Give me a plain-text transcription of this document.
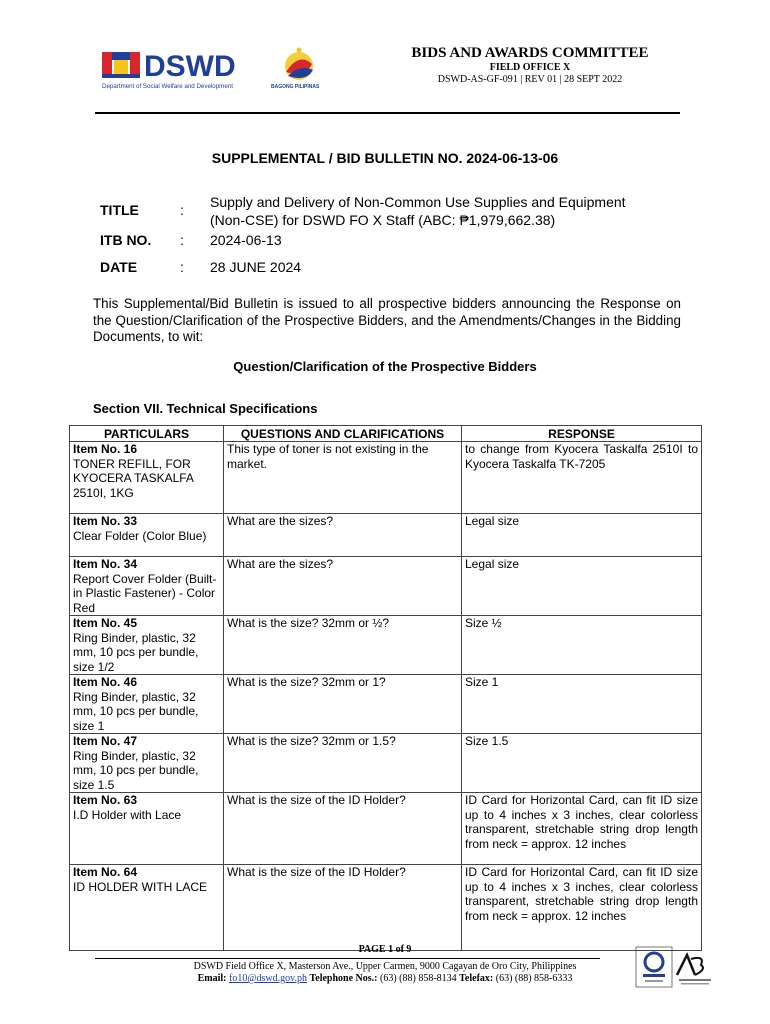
DSWD
Department of Social Welfare and Development	BAGONG PILIPINAS
BIDS AND AWARDS COMMITTEE
FIELD OFFICE X
DSWD-AS-GF-091 | REV 01 | 28 SEPT 2022
SUPPLEMENTAL / BID BULLETIN NO. 2024-06-13-06
TITLE	: Supply and Delivery of Non-Common Use Supplies and Equipment
(Non-CSE) for DSWD FO X Staff (ABC: ₱1,979,662.38)
ITB NO. : 2024-06-13
DATE	: 28 JUNE 2024
This Supplemental/Bid Bulletin is issued to all prospective bidders announcing the Response on the Question/Clarification of the Prospective Bidders, and the Amendments/Changes in the Bidding Documents, to wit:
Question/Clarification of the Prospective Bidders
Section VII. Technical Specifications
PARTICULARS	QUESTIONS AND CLARIFICATIONS	RESPONSE

Item No. 16
TONER REFILL, FOR KYOCERA TASKALFA 2510I, 1KG	This type of toner is not existing in the market.	to change from Kyocera Taskalfa 2510I to Kyocera Taskalfa TK-7205

Item No. 33
Clear Folder (Color Blue)	What are the sizes?	Legal size

Item No. 34
Report Cover Folder (Built-in Plastic Fastener) - Color Red	What are the sizes?	Legal size

Item No. 45
Ring Binder, plastic, 32 mm, 10 pcs per bundle, size 1/2	What is the size? 32mm or ½?	Size ½

Item No. 46
Ring Binder, plastic, 32 mm, 10 pcs per bundle, size 1	What is the size? 32mm or 1?	Size 1

Item No. 47
Ring Binder, plastic, 32 mm, 10 pcs per bundle, size 1.5	What is the size? 32mm or 1.5?	Size 1.5

Item No. 63
I.D Holder with Lace	What is the size of the ID Holder?	ID Card for Horizontal Card, can fit ID size up to 4 inches x 3 inches, clear colorless transparent, stretchable string drop length from neck = approx. 12 inches

Item No. 64
ID HOLDER WITH LACE	What is the size of the ID Holder?	ID Card for Horizontal Card, can fit ID size up to 4 inches x 3 inches, clear colorless transparent, stretchable string drop length from neck = approx. 12 inches
PAGE 1 of 9
DSWD Field Office X, Masterson Ave., Upper Carmen, 9000 Cagayan de Oro City, Philippines
Email: fo10@dswd.gov.ph Telephone Nos.: (63) (88) 858-8134 Telefax: (63) (88) 858-6333
